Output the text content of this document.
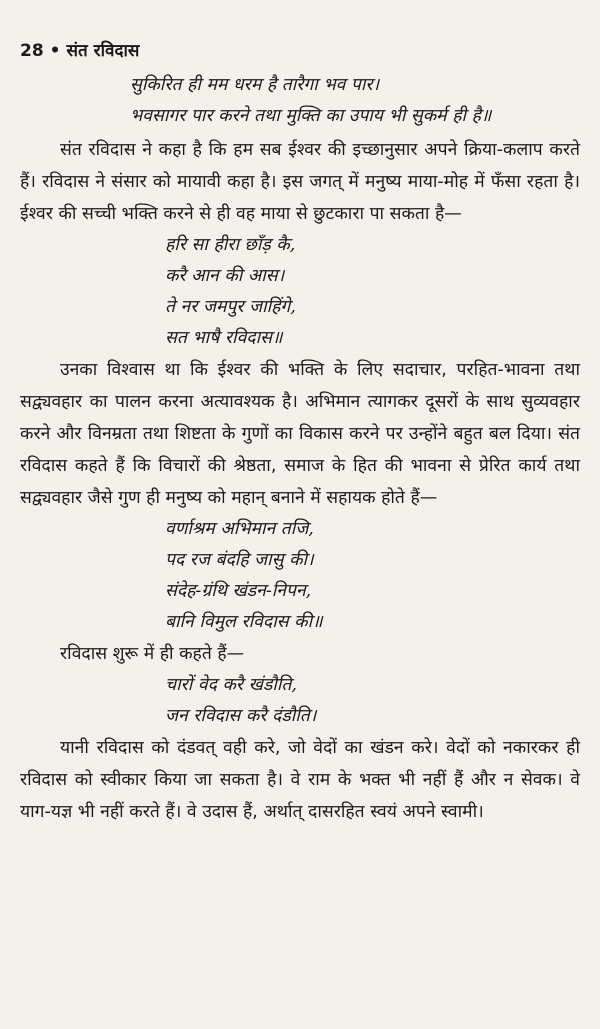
28 • संत रविदास
सुकिरित ही मम धरम है तारैगा भव पार।
भवसागर पार करने तथा मुक्ति का उपाय भी सुकर्म ही है॥

संत रविदास ने कहा है कि हम सब ईश्वर की इच्छानुसार अपने क्रिया-कलाप करते हैं। रविदास ने संसार को मायावी कहा है। इस जगत् में मनुष्य माया-मोह में फँसा रहता है। ईश्वर की सच्ची भक्ति करने से ही वह माया से छुटकारा पा सकता है—

हरि सा हीरा छाँड़ कै,
करै आन की आस।
ते नर जमपुर जाहिंगे,
सत भाषै रविदास॥

उनका विश्वास था कि ईश्वर की भक्ति के लिए सदाचार, परहित-भावना तथा सद्व्यवहार का पालन करना अत्यावश्यक है। अभिमान त्यागकर दूसरों के साथ सुव्यवहार करने और विनम्रता तथा शिष्टता के गुणों का विकास करने पर उन्होंने बहुत बल दिया। संत रविदास कहते हैं कि विचारों की श्रेष्ठता, समाज के हित की भावना से प्रेरित कार्य तथा सद्व्यवहार जैसे गुण ही मनुष्य को महान् बनाने में सहायक होते हैं—

वर्णाश्रम अभिमान तजि,
पद रज बंदहि जासु की।
संदेह-ग्रंथि खंडन-निपन,
बानि विमुल रविदास की॥

रविदास शुरू में ही कहते हैं—

चारों वेद करै खंडौति,
जन रविदास करै दंडौति।

यानी रविदास को दंडवत् वही करे, जो वेदों का खंडन करे। वेदों को नकारकर ही रविदास को स्वीकार किया जा सकता है। वे राम के भक्त भी नहीं हैं और न सेवक। वे याग-यज्ञ भी नहीं करते हैं। वे उदास हैं, अर्थात् दासरहित स्वयं अपने स्वामी।
